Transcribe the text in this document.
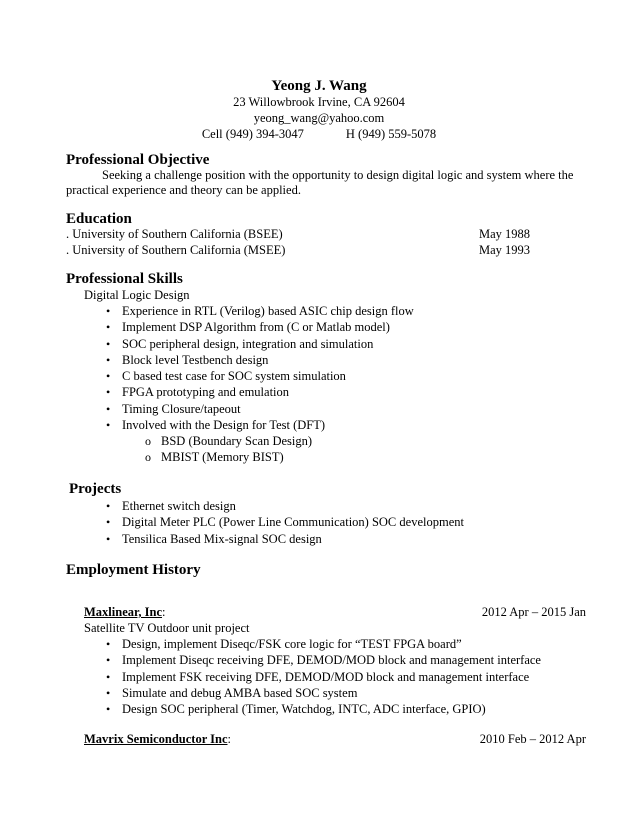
Yeong J. Wang
23 Willowbrook Irvine, CA 92604
yeong_wang@yahoo.com
Cell (949) 394-3047	H (949) 559-5078
Professional Objective
Seeking a challenge position with the opportunity to design digital logic and system where the
practical experience and theory can be applied.
Education
. University of Southern California (BSEE)	May 1988
. University of Southern California (MSEE)	May 1993
Professional Skills
Digital Logic Design
• Experience in RTL (Verilog) based ASIC chip design flow
• Implement DSP Algorithm from (C or Matlab model)
• SOC peripheral design, integration and simulation
• Block level Testbench design
• C based test case for SOC system simulation
• FPGA prototyping and emulation
• Timing Closure/tapeout
• Involved with the Design for Test (DFT)
o BSD (Boundary Scan Design)
o MBIST (Memory BIST)
Projects
• Ethernet switch design
• Digital Meter PLC (Power Line Communication) SOC development
• Tensilica Based Mix-signal SOC design
Employment History
Maxlinear, Inc:	2012 Apr – 2015 Jan
Satellite TV Outdoor unit project
• Design, implement Diseqc/FSK core logic for “TEST FPGA board”
• Implement Diseqc receiving DFE, DEMOD/MOD block and management interface
• Implement FSK receiving DFE, DEMOD/MOD block and management interface
• Simulate and debug AMBA based SOC system
• Design SOC peripheral (Timer, Watchdog, INTC, ADC interface, GPIO)
Mavrix Semiconductor Inc:	2010 Feb – 2012 Apr
